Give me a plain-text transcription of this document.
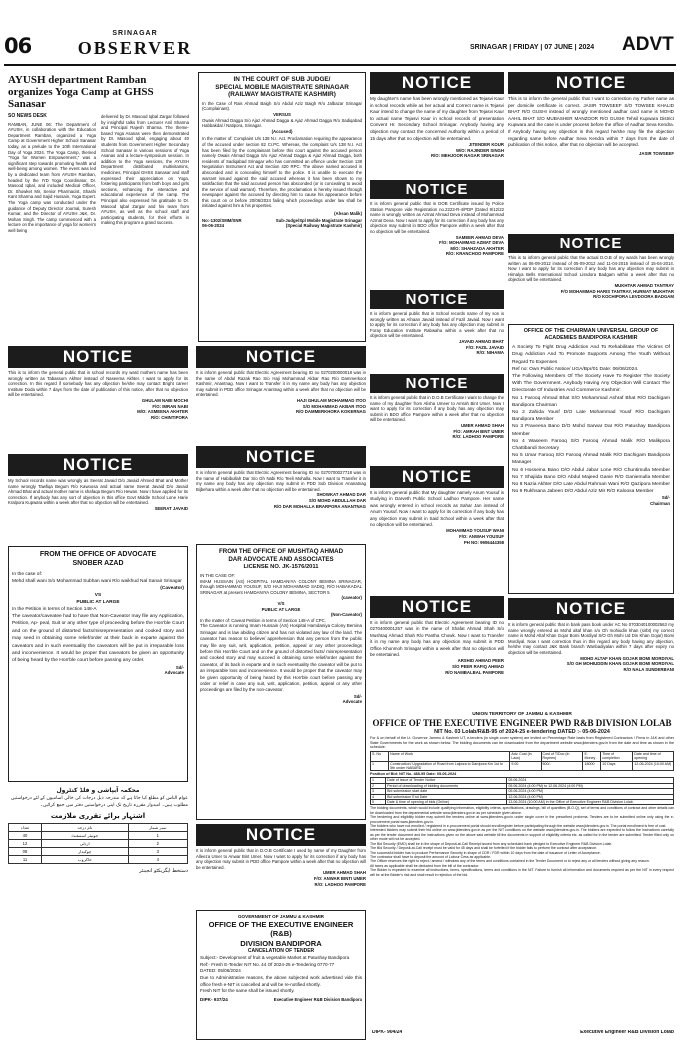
06
SRINAGAR
OBSERVER	SRINAGAR | FRIDAY | 07 JUNE | 2024 ADVT
AYUSH department Ramban organizes Yoga Camp at GHSS Sanasar
SO NEWS DESK
RAMBAN, JUNE 06: The Department of AYUSH, in collaboration with the Education Department Ramban, organized a Yoga Camp at Government Higher School Sanasar today, as a prelude to the 10th International Day of Yoga 2024. The Yoga Camp, themed "Yoga for Women Empowerment," was a significant step towards promoting health and well-being among women. The event was led by a dedicated team from AYUSH Ramban, headed by the IYD Yoga Coordinator, Dr. Masood Iqbal, and included Medical Officer, Dr. Showket Mir, Senior Pharmacist, Shashi Kant Sharma and Sajid Hussain, Yoga Expert. The Yoga camp was conducted under the guidance of Deputy Director Journal, Suresh Kumar, and the Director of AYUSH J&K, Dr. Mohan Singh. The camp commenced with a lecture on the importance of yoga for women's well being
delivered by Dr. Masood Iqbal Zargar followed by insightful talks from Lecturer Anil Sharma and Principal Rajesh Sharma. The theme-based Yoga Asanas were then demonstrated by Dr. Masood Iqbal, engaging about 40 students from Government Higher Secondary School Sanasar in various sessions of Yoga Asanas and a lecture-symposium session. In addition to the Yoga sessions, the AYUSH Department distributed multivitamins, medicines, Principal GHSS Sanasar and staff expressed their appreciation on Yoga, fostering participants from both boys and girls sections, enhancing the interactive and educational experience of the camp. The Principal also expressed his gratitude to Dr. Masood Iqbal Zargar and his team from AYUSH, as well as the school staff and participating students, for their efforts in making this program a grand success.
IN THE COURT OF SUB JUDGE/
SPECIAL MOBILE MAGISTRATE SRINAGAR
(RAILWAY MAGISTRATE KASHMIR)
In the Case of Rais Ahmad Baigh S/o Abdul Aziz Baigh R/o Jalbazar Srinagar (Complainant).
VERSUS
Owais Ahmad Dagga S/o Ajaz Ahmad Dagga & Ajaz Ahmad Dagga R/o Sadiqabad Habbakdal / Natipora, Srinagar.
(Accused)
In the matter of: Complaint U/s 138 N.I. Act. Proclamation requiring the appearance of the accused under section 82 Cr.PC. Whereas, the complaint U/s 138 N.I. Act has been filed by the complainant before this court against the accused person namely Owais Ahmad Dagga S/o Ajaz Ahmad Dagga & Ajaz Ahmad Dagga, both residents of Sadiqabad Srinagar who has committed an offence under Section 138 Negotiation Instrument Act and Section 420 RPC. The above named accused is absconded and is concealing himself to the police. It is unable to execute the warrant issued against the said accused whereas it has been shown to my satisfaction that the said accused person has absconded (or is concealing to avoid the service of said warrant). Therefore, the proclamation is hereby issued through newspaper against the accused by directing him to cause his appearance before this court on or before 20/06/2024 failing which proceedings under law shall be initiated against him & his properties.
(Ahsan Malik)
No:-1302/SMM/SNR
06-06-2024
Sub-Judge/Spl Mobile Magistrate Srinagar
(Special Railway Magistrate Kashmir)
NOTICE
My daughter's name has been wrongly mentioned as Tejasvi Kaur in school records while as her actual and Correct name is Tejasvi Kaur intend to change the name of my daughter from Tejasvi Kaur to actual name Tejasvi Kaur in school records of presentation Convent Hr. Secondary School Srinagar. Anybody having any objection may contact the concerned Authority within a period of 15 days after that no objection will be entertained.
JITENDER KOUR
W/O: RAJINDER SINGH
R/O: MEHJOOR NAGAR SRINAGAR
NOTICE
This is to inform the general public that I want to correction my Father name as per domicile certificate is correct. JASIR TOWSEEF S/O TOWSEE KHALID BHAT R/O GUSHI instead of wrongly mentioned aadhar card name is MOHD AAHIL BHAT S/O MUBASHER MANZOOR R/O GUSHI Tehsil Kupwara District Kupwara and the case is under process before the office of Aadhar Seva Kendra. If Anybody having any objection in this regard he/she may file the objection regarding same before Aadhar Seva Kendra within 7 days from the date of publication of this notice, after that no objection will be accepted.
JASIR TOWSEEF
NOTICE
It is inform general public that in DOB Certificate issued by Police Station Pampore vide Registration no.2223-R-4/PDP (Dated 9/12/22 name is wrongly written as Azmat Ahmad Deva instead of Mohammad Azmat Deva. Now I want to apply for its correction if any body has any objection may submit in BDO office Pampore within a week after that no objection will be entertained.
SAMEER AHMAD DEVA
F/O: MOHAMMAD AZMAT DEVA
M/O: SHAHZADA AKHTER
R/O: KRANCHOO PAMPORE
NOTICE
This is to inform general public that the actual D.O.B of my wards has been wrongly written as 06-09-2012 instead of 05-09-2012 and 11-04-2015 instead of 15-04-2014. Now I want to apply for its correction if any body has any objection may submit in Himalya Bells International School Lissdora Badgam within a week after that no objection will be entertained.
MUKHTAR AHMAD TANTRAY
F/O MOHAMMAD HARIS TANTRAY, HURMAT MUKHTAR
R/O KOCHIPORA LEVDOORA BADGAM
NOTICE
It is inform general public that in School records name of my son is wrongly written as Afnaan Javaid instead of Fazil Javaid. Now I want to apply for its correction if any body has any objection may submit in Foray Education Institute Rabwaha within a week after that no objection will be entertained.
JAVAID AHMAD BHAT
F/O: FAZIL JAVAID
R/O: NIHAMA
OFFICE OF THE CHAIRMAN UNIVERSAL GROUP OF
ACADEMIES BANDIPORA KASHMIR
A Society To Fight Drug Addiction And To Rehabilitate The Victims Of Drug Addiction And To Promote Supports Among The Youth Without Regard To Expenses
Ref no: Own Public Notice/ UGA/Bpr/01 Date: 06/06/2024.
The Following Members Of The Society Have To Register The Society With The Government. Anybody Having Any Objection Will Contact The Directorate Of Industries And Commerce Kashmir:
No 1 Farooq Ahmad Bhat S/O Mohammad Ashraf Bhat R/O Dachigam Bandipora Chairman
No 2 Zahida Yousf D/O Late Mohammad Yousf R/O Dachigam Bandipora Member
No 3 Praveena Bano D/O Mohd Sarwar Dar R/O Patushay Bandipora Member
No 4 Waseem Farooq S/O Farooq Ahmad Malik R/O Malikpora Chattibandi Secretary
No 5 Umar Farooq S/O Farooq Ahmad Malik R/O Dachigam Bandipora Manager
No 6 Hosseina Bano D/O Abdul Jabar Lone R/O Chuntimulla Member No 7 Shajiida Bano D/O Abdul Majeed Ganie R/O Ganiemulla Member No 8 Nazia Akhter D/O Late Abdul Rahman Wani R/O Qazipora Member No 9 Rukhsana Jabeen D/O Abdul Aziz Mir R/O Kaloosa Member
Sd/-
Chairman
NOTICE
This is to inform the general public that in school records my ward mothers name has been wrongly written as Tabassum Akhter instead of Naseema Akhter. I want to apply for its correction. In this regard if somebody has any objection he/she may contact Bright career Institute Doda within 7 days from the date of publication of this notice, after that no objection will be entertained.
GHULAM NABI MOCHI
F/O: IMRAN NABI
M/O: ASMEENA AKHTER
R/O: CHINTIPORA
NOTICE
It is inform general public that Electric Agreement bearing ID no 0270200000018 was in the name of Abdul Razak Rao S/o Haji Mohammad Akbar Rao R/o Dammerkoot Kashmir, Anantnag. Now I want to Transfer it in my name any body has any objection may submit in PDD office Srinagar Anantnag within a week after that no objection will be entertained.
HAJI GHULAM MOHAMMAD ITOO
S/O MOHAMMAD AKBAR ITOO
R/O DAMMERKHORA KOKERNAG
NOTICE
It is inform general public that in D.O.B Certificate I want to change the name of my daughter from Alisha Umeer to Amrah Bint Umer. Now I want to apply for its correction if any body has any objection may submit in BDO office Pampore within a week after that no objection will be entertained.
UMER AHMAD SHAH
F/O: AMRAH BINT UMER
R/O: LADHOO PAMPORE
NOTICE
It is inform general public that Electric Agreement bearing ID no 0270700027718 was in the name of Habibullah Dar S/o Gh Nabi R/o Teeli Mohalla. Now I want to Transfer it in my name any body has any objection may submit in PDD Sub Division Ananatnag Bijbehara within a week after that no objection will be entertained.
SHOWKAT AHMAD DAR
S/O MOHD ABDULLAH DAR
R/O DAR MOHALLA BRARPORA ANANTNAG
NOTICE
My School records name was wrongly as Seerat Javaid D/o Javaid Ahmed Bhat and Mother name wrongly Tawfiqa Begum R/o Kawoosa and actual name Seerat Javaid D/o Javaid Ahmad Bhat and actual mother name is shafaqa Begum R/o Hewan. Now I have applied for its correction. If anybody has any sort of objection in this office Govt Middle School Lone Harie Kralpora Kupwara within a week after that no objection will be entertained.
SEERAT JAVAID
NOTICE
It is inform general public that My daughter namely Anum Yousuf is studying in Darveth Public School Ladhoo Pampore. Her name was wrongly entered in school records as Sahar Jan instead of Anum Yousuf. Now I want to apply for its correction if any body has any objection may submit in Said School within a week after that no objection will be entertained.
MOHAMMAD YOUSUF WANI
F/O: ANWAH YOUSUF
PH NO: 9906444358
FROM THE OFFICE OF ADVOCATE
SNOBER AZAD
In the case of:
Mehd shafi wani S/o Mohammad Subhan wani R/o waikhud Nal Sanair Srinagar
(Caveator)
VS
PUBLIC AT LARGE
In the Petition in terms of Section 148-A
The caveator/caveatee had to have that Non-Caveator may file any Application, Petition, Ap- peal, Suit or any other type of proceeding before the Hon'ble Court and on the ground of distorted facts/misrepresentation and cooked story and may seed in obtaining some relief/order at their back in exparte against the caveators and in such eventuality the caveators will be put in irreparable loss and inconvenience. It would be proper that caveators be given an opportunity of being heard by the Hon'ble court before passing any order.
Sd/-
Advocate
FROM THE OFFICE OF MUSHTAQ AHMAD
DAR ADVOCATE AND ASSOCIATES
LICENSE NO. JK-1576/2011
IN THE CASE OF:
IMAM HUSSAIN (AS) HOSPITAL HAMDANIYA COLONY BEMINA SRINAGAR, through MOHAMMAD YOUSUF, S/O HAJI MOHAMMAD SADIQ, R/O HABAKADAL SRINAGAR at present HAMDANIYA COLONY BEMINA, SECTOR 5
(caveator)
V/S
PUBLIC AT LARGE
(Non-Caveator)
In the matter of: Caveat Petition in terms of Section 148-A of CPC.
The Caveator is running Imam Hussain (AS) Hospital Hamdaniya Colony Bemina Srinagar and is law abiding citizen and has not violated any law of the land. The caveator has reason to believe/ apprehension that any person from the public may file any suit, writ, application, petition, appeal or any other proceedings before this Hon'ble Court and on the ground of distorted facts/ misrepresentation and cooked story and may succeed in obtaining some relief/order against the caveator, of its back in exparte and in such eventuality the caveator will be put to an irreparable loss and inconvenience. It would be proper that the caveator may be given opportunity of being heard by this Hon'ble court before passing any order or relief in case any suit, writ, application, petition, appeal or any other proceedings are filed by the non-caveator.
Sd/-
Advocate
NOTICE
It is inform general public that Electric Agreement bearing ID no 0270400001257 was in the name of Shafat Ahmad Shah S/o Mushtaq Ahmad Shah R/o Pantha Chowk. Now I want to Transfer it in my name any body has any objection may submit in PDD Office Khonmoh Srinagar within a week after that no objection will be entertained.
ARSHID AHMAD PEER
S/O PEER RAFIQ AHMAD
R/O NAMBALBAL PAMPORE
NOTICE
It is inform general public that in bank pass book under AC No 0703040100002563 my name wrongly entered as Mohd altaf khan s/o Gh mohiudin khan (sirbt) my correct name is Mohd Altaf Khan Gojar Bomi Mordiyal S/O Gh Mohi Ud Din Khan Gojar) Bomi Mordiyal. Now I want correction thus in this regard any body having any objection, he/she may contact J&K Bank branch Wanbadiyalan within 7 days after expiry no objection will be entertained.
MOHD ALTAF KHAN GOJAR BOMI MORDIYAL
S/O GH MOHIUDDIN KHAN GOJAR BOMI MORDIYAL
R/O NALA SUNDERBANI
UNION TERRITORY OF JAMMU & KASHMIR
OFFICE OF THE EXECUTIVE ENGINEER PWD R&B DIVISION LOLAB
NIT No. 03 Lolab/R&B-95 of 2024-25 e-tendering DATED :- 05-06-2024
For & on behalf of the Lt. Governor Jammu & Kashmir UT, e-tenders (in single cover system) are invited on Percentage Rate basis from Registered Contractors / Firms in J&K and other State Governments for the work as shown below. The bidding documents can be downloaded from the department website www.jktenders.gov.in from the date and time as shown in the schedule.
S. No	Name of Work	Adv. Cost (in Lacs)	Cost of T/Doc (in Rupees)	E. Money	Time of completion	Date and time of opening
1	Construction/ Upgradation of Road from Lalpora to Dardpora Km 1st to 5th under NABARD	9.00	500/-	18000	10 Days	12-06-2024 (10:00 AM)
Position of Bid: NIT No. 488-95 Date: 05-06-2024
1	Date of Issue of Tender Notice	05.06.2024
2	Period of downloading of bidding documents	05.06.2024 (4:00 PM) to 12.06.2024 (4:00 PM)
3	Bid submission start date	05.06.2024 (4:00 PM)
4	Bid submission End Date	12.06.2024 (4:00 PM)
5	Date & time of opening of bids (Online)	13.06.2024 (10:00 AM) in the Office of Executive Engineer R&B Division Lolab.
The bidding documents, which would include qualifying information, eligibility criteria, specifications, drawings, bill of quantities (B.O.Q), set of terms and conditions of contract and other details can be downloaded from the departmental website www.jktenders.gov.in as per schedule given above.
The tendering and eligibility bidder may submit the tenders online at www.jktenders.gov.in under single cover in the prescribed proforma. Tenders are to be submitted online only using the e-procurement portal www.jktenders.gov.in.
The bidders who have not enrolled / registered in e-procurement portal should enroll/register before participating through the website www.jktenders.gov.in. The portal enrollment is free of cost.
Interested bidders may submit their bid online on www.jktenders.gov.in as per the NIT conditions on the website www.jktenders.gov.in. The bidders are expected to follow the instructions carefully as per the tender document and the instructions given on the above said website till the documents in support of eligibility criteria etc. as called for in the tender are submitted. Tender filled only on other mode will not be accepted.
The Bid Security (EMD) shall be in the shape of Deposit-at-Call Receipt issued from any scheduled bank pledged to Executive Engineer R&B Division Lolab.
The Bid Security / Deposit-at-Call receipt must be valid for 45 days and shall be forfeited if the bidder fails to perform the contract after acceptance.
The successful bidder has to produce Performance Security in shape of CDR / FDR within 10 days from the date of issuance of Letter of Acceptance.
The contractor shall have to deposit the amount of Labour Cess as applicable.
The Officer reserves the right to reject / amend / withdraw any of the terms and conditions contained in the Tender Document or to reject any or all tenders without giving any reason.
All taxes as applicable shall be deducted from the bill of the contractor.
The Bidder is expected to examine all instructions, forms, specifications, terms and conditions in the NIT. Failure to furnish all information and documents required as per the NIT in every respect will be at the Bidder's risk and shall result in rejection of the bid.
DIPK- 904/24	Executive Engineer R&B Division Lolab
NOTICE
It is inform general public that in D.O.B Certificate I used by name of my Daughter from Alleeza Umer to Anwar Bint Umer. Now I want to apply for its correction if any body has any objection may submit in PDD office Pampore within a week after that no objection will be entertained.
UMER AHMAD SHAH
F/O: ANWAR BINTI UMER
R/O: LADHOO PAMPORE
GOVERNMENT OF JAMMU & KASHMIR
OFFICE OF THE EXECUTIVE ENGINEER (R&B)
DIVISION BANDIPORA
CANCELATION OF TENDER
Subject:- Development of fruit & vegetable Market at Patushay Bandipora
Ref:- Fresh E-Tender NIT No. 44 Of 2024-25 e-Tendering 0770-77
DATED: 05/06/2024
Due to Administrative reasons, the above subjected work advertised vide this office fresh e-NIT is cancelled and will be re-notified shortly.
Fresh NIT for the same shall be issued shortly.
DIPK- 937/24	Executive Engineer R&B Division Bandipora
محکمہ آبپاشی و فلڈ کنٹرول
عوام الناس کو مطلع کیا جاتا ہے کہ مندرجہ ذیل درجات کی خالی اسامیوں کے لئے درخواستیں مطلوب ہیں۔ امیدوار مقررہ تاریخ تک اپنی درخواستیں دفتر میں جمع کرائیں۔
اشتہار برائے تقرری ملازمت
نمبر شمار	نام درجہ	تعداد
1	جونیئر اسسٹنٹ	40
2	اردلی	12
3	چوکیدار	08
4	خاکروب	11
دستخط ایگزیکٹو انجینئر
